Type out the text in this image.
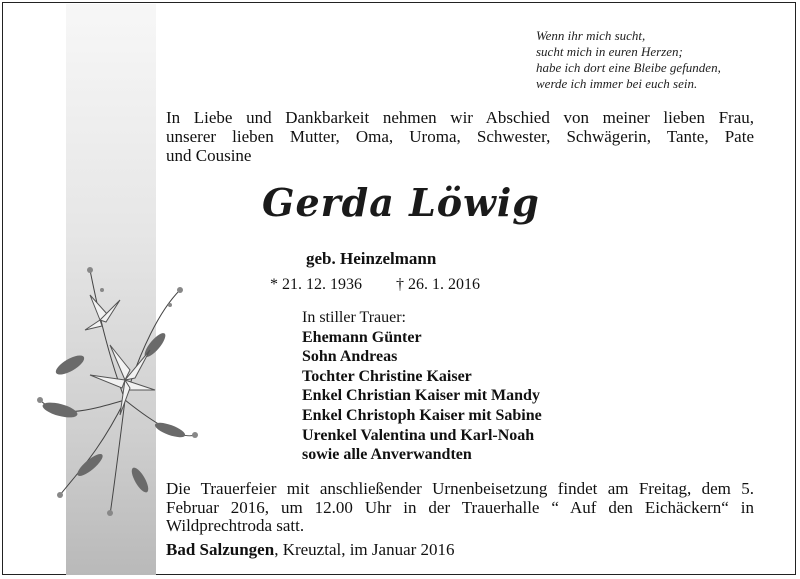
Wenn ihr mich sucht,
sucht mich in euren Herzen;
habe ich dort eine Bleibe gefunden,
werde ich immer bei euch sein.
In Liebe und Dankbarkeit nehmen wir Abschied von meiner lieben Frau,
unserer lieben Mutter, Oma, Uroma, Schwester, Schwägerin, Tante, Pate
und Cousine
Gerda Löwig
geb. Heinzelmann
* 21. 12. 1936 † 26. 1. 2016
In stiller Trauer:
Ehemann Günter
Sohn Andreas
Tochter Christine Kaiser
Enkel Christian Kaiser mit Mandy
Enkel Christoph Kaiser mit Sabine
Urenkel Valentina und Karl-Noah
sowie alle Anverwandten
Die Trauerfeier mit anschließender Urnenbeisetzung findet am Freitag, dem 5.
Februar 2016, um 12.00 Uhr in der Trauerhalle “ Auf den Eichäckern“ in
Wildprechtroda satt.
Bad Salzungen, Kreuztal, im Januar 2016
